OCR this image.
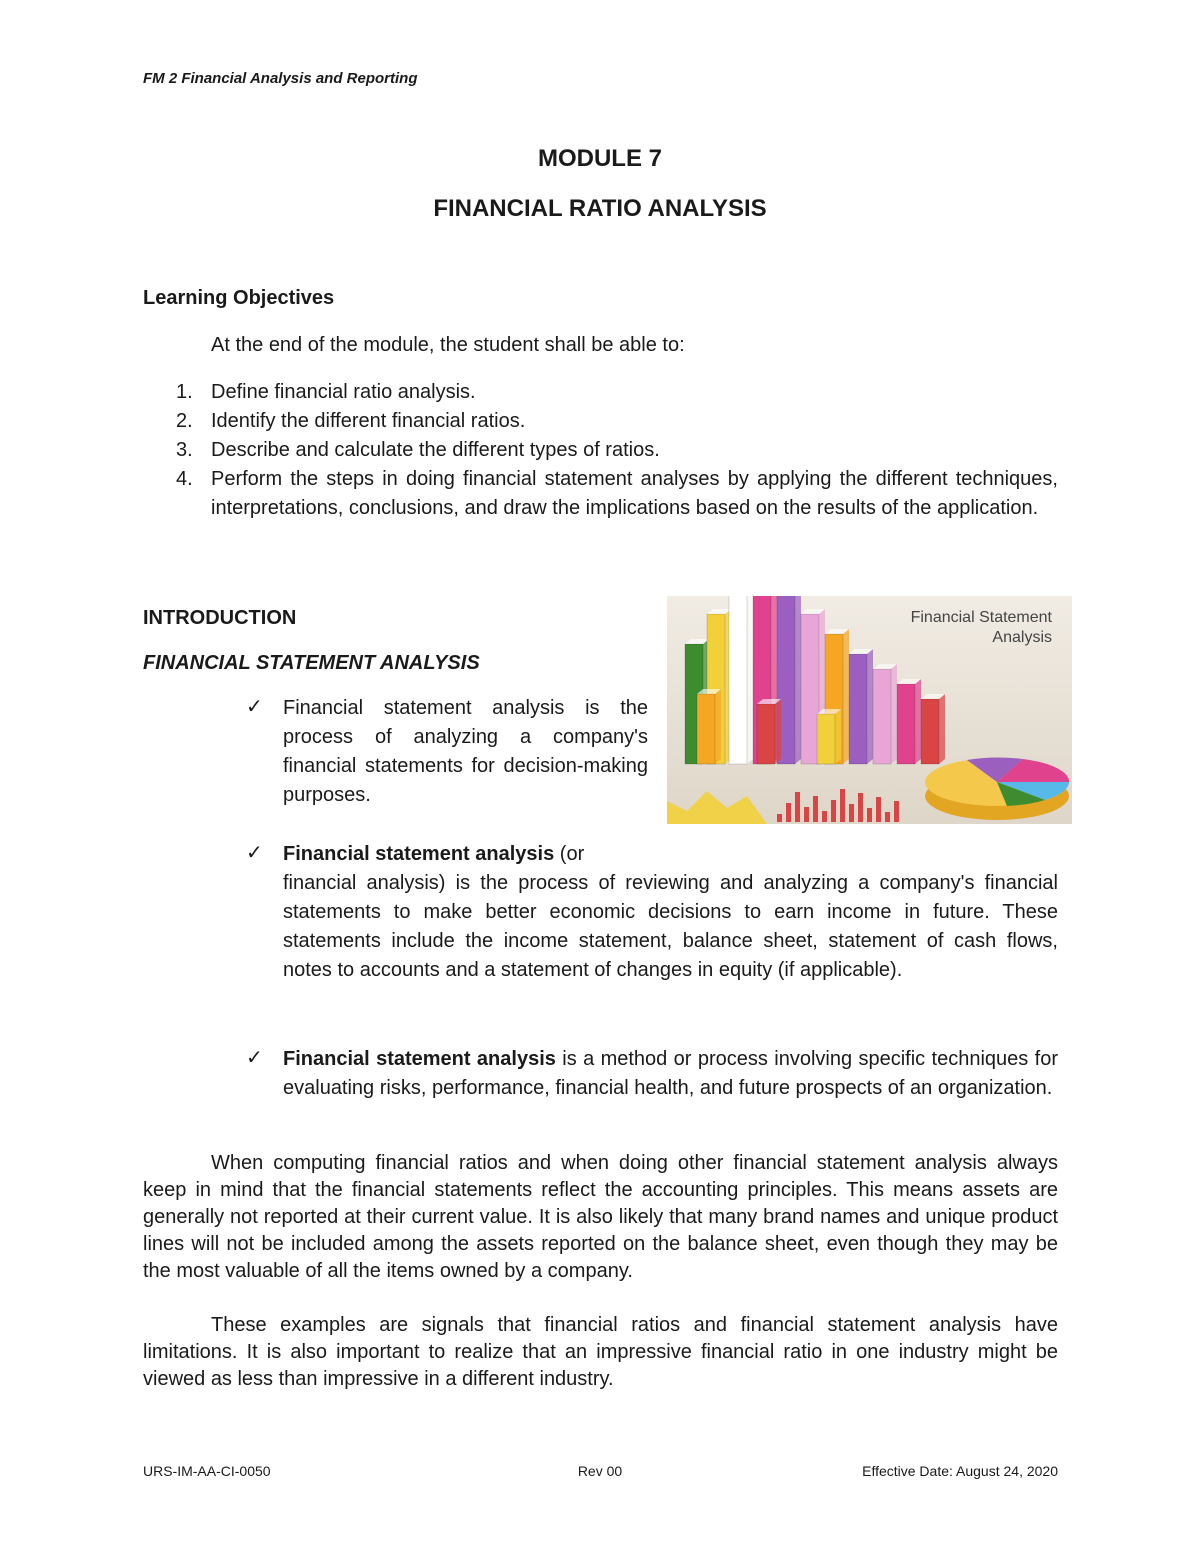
FM 2 Financial Analysis and Reporting
MODULE 7
FINANCIAL RATIO ANALYSIS
Learning Objectives
At the end of the module, the student shall be able to:
1. Define financial ratio analysis.
2. Identify the different financial ratios.
3. Describe and calculate the different types of ratios.
4. Perform the steps in doing financial statement analyses by applying the different techniques, interpretations, conclusions, and draw the implications based on the results of the application.
INTRODUCTION
FINANCIAL STATEMENT ANALYSIS
✓ Financial statement analysis is the process of analyzing a company's financial statements for decision-making purposes.
✓ Financial statement analysis (or
financial analysis) is the process of reviewing and analyzing a company's financial statements to make better economic decisions to earn income in future. These statements include the income statement, balance sheet, statement of cash flows, notes to accounts and a statement of changes in equity (if applicable).
✓ Financial statement analysis is a method or process involving specific techniques for evaluating risks, performance, financial health, and future prospects of an organization.
Financial Statement
Analysis
When computing financial ratios and when doing other financial statement analysis always keep in mind that the financial statements reflect the accounting principles. This means assets are generally not reported at their current value. It is also likely that many brand names and unique product lines will not be included among the assets reported on the balance sheet, even though they may be the most valuable of all the items owned by a company.
These examples are signals that financial ratios and financial statement analysis have limitations. It is also important to realize that an impressive financial ratio in one industry might be viewed as less than impressive in a different industry.
URS-IM-AA-CI-0050	Rev 00	Effective Date: August 24, 2020
